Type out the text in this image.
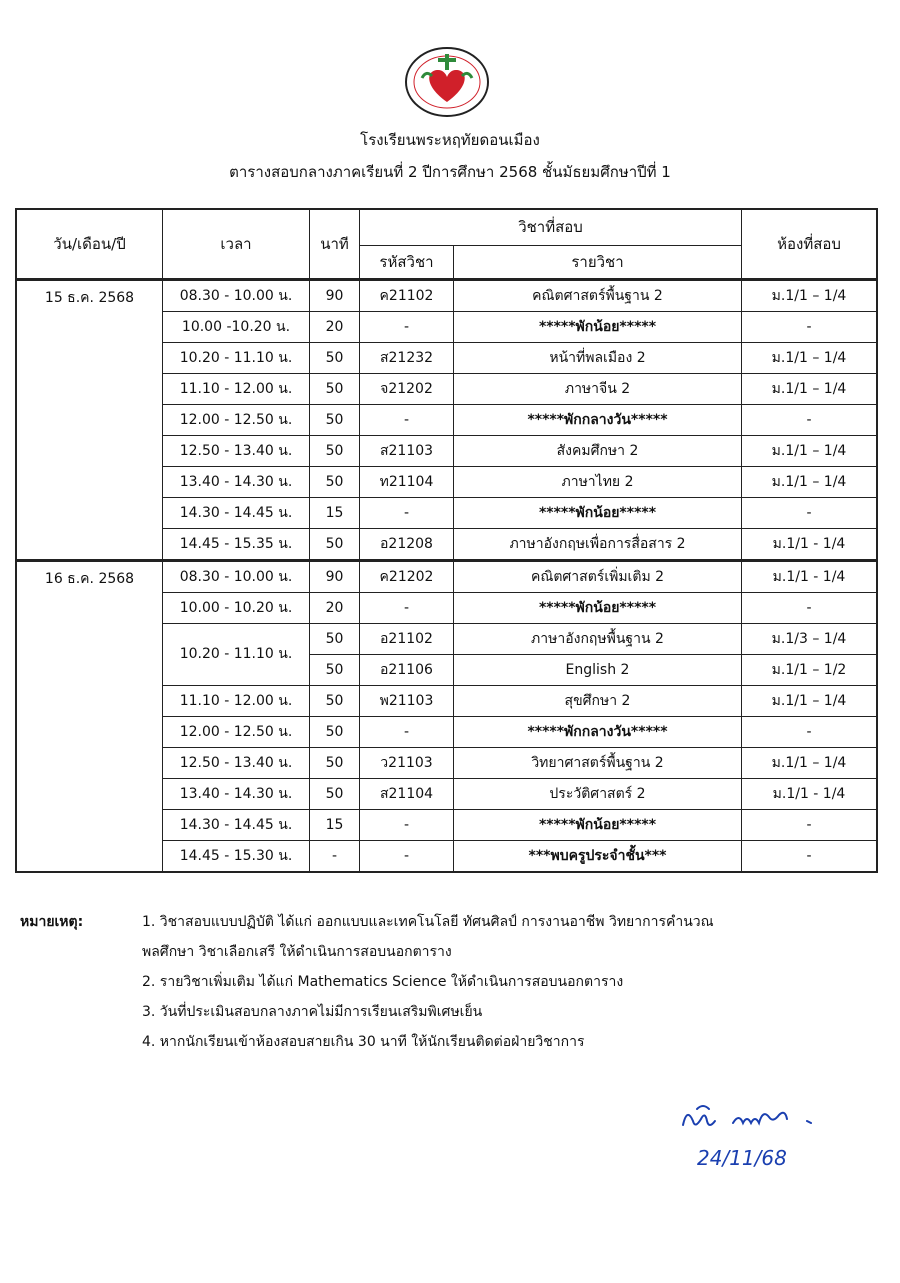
โรงเรียนพระหฤทัยดอนเมือง
ตารางสอบกลางภาคเรียนที่ 2 ปีการศึกษา 2568 ชั้นมัธยมศึกษาปีที่ 1
วัน/เดือน/ปี	เวลา	นาที	วิชาที่สอบ		ห้องที่สอบ
			รหัสวิชา	รายวิชา	
15 ธ.ค. 2568	08.30 - 10.00 น.	90	ค21102	คณิตศาสตร์พื้นฐาน 2	ม.1/1 – 1/4
	10.00 -10.20 น.	20	-	*****พักน้อย*****	-
	10.20 - 11.10 น.	50	ส21232	หน้าที่พลเมือง 2	ม.1/1 – 1/4
	11.10 - 12.00 น.	50	จ21202	ภาษาจีน 2	ม.1/1 – 1/4
	12.00 - 12.50 น.	50	-	*****พักกลางวัน*****	-
	12.50 - 13.40 น.	50	ส21103	สังคมศึกษา 2	ม.1/1 – 1/4
	13.40 - 14.30 น.	50	ท21104	ภาษาไทย 2	ม.1/1 – 1/4
	14.30 - 14.45 น.	15	-	*****พักน้อย*****	-
	14.45 - 15.35 น.	50	อ21208	ภาษาอังกฤษเพื่อการสื่อสาร 2	ม.1/1 - 1/4
16 ธ.ค. 2568	08.30 - 10.00 น.	90	ค21202	คณิตศาสตร์เพิ่มเติม 2	ม.1/1 - 1/4
	10.00 - 10.20 น.	20	-	*****พักน้อย*****	-
	10.20 - 11.10 น.	50	อ21102	ภาษาอังกฤษพื้นฐาน 2	ม.1/3 – 1/4
		50	อ21106	English 2	ม.1/1 – 1/2
	11.10 - 12.00 น.	50	พ21103	สุขศึกษา 2	ม.1/1 – 1/4
	12.00 - 12.50 น.	50	-	*****พักกลางวัน*****	-
	12.50 - 13.40 น.	50	ว21103	วิทยาศาสตร์พื้นฐาน 2	ม.1/1 – 1/4
	13.40 - 14.30 น.	50	ส21104	ประวัติศาสตร์ 2	ม.1/1 - 1/4
	14.30 - 14.45 น.	15	-	*****พักน้อย*****	-
	14.45 - 15.30 น.	-	-	***พบครูประจำชั้น***	-
หมายเหตุ:	1. วิชาสอบแบบปฏิบัติ ได้แก่ ออกแบบและเทคโนโลยี ทัศนศิลป์ การงานอาชีพ วิทยาการคำนวณ
พลศึกษา วิชาเลือกเสรี ให้ดำเนินการสอบนอกตาราง
2. รายวิชาเพิ่มเติม ได้แก่ Mathematics Science ให้ดำเนินการสอบนอกตาราง
3. วันที่ประเมินสอบกลางภาคไม่มีการเรียนเสริมพิเศษเย็น
4. หากนักเรียนเข้าห้องสอบสายเกิน 30 นาที ให้นักเรียนติดต่อฝ่ายวิชาการ
24/11/68
